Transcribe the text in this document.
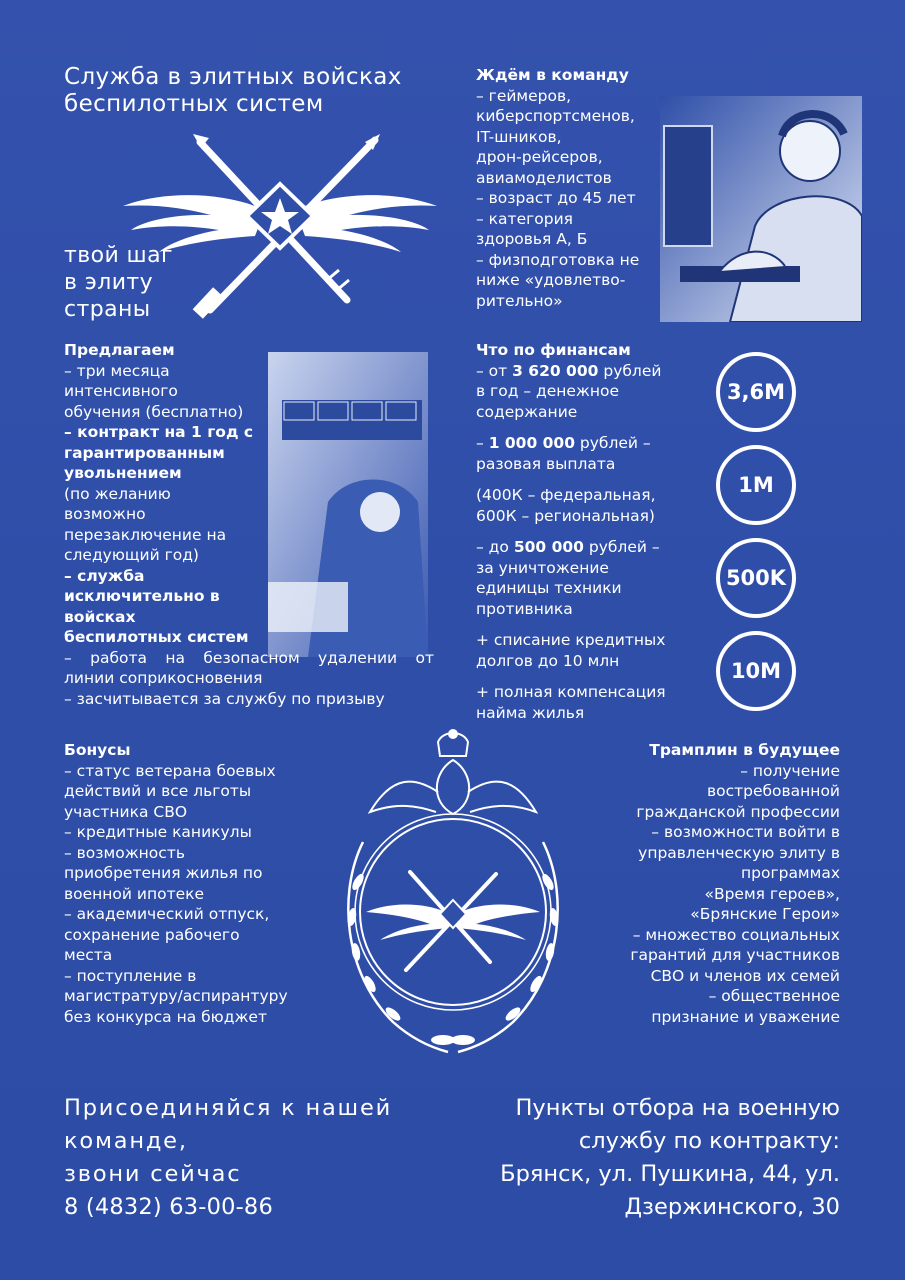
Служба в элитных войсках беспилотных систем
твой шаг
в элиту
страны
Ждём в команду
– геймеров,
киберспортсменов,
IT-шников,
дрон-рейсеров,
авиамоделистов
– возраст до 45 лет
– категория
здоровья А, Б
– физподготовка не
ниже «удовлетво-
рительно»
Предлагаем
– три месяца
интенсивного
обучения (бесплатно)
– контракт на 1 год с
гарантированным
увольнением
(по желанию
возможно
перезаключение на
следующий год)
– служба
исключительно в
войсках
беспилотных систем
– работа на безопасном удалении от
линии соприкосновения
– засчитывается за службу по призыву
Что по финансам
– от 3 620 000 рублей
в год – денежное
содержание
– 1 000 000 рублей –
разовая выплата
(400К – федеральная,
600К – региональная)
– до 500 000 рублей –
за уничтожение
единицы техники
противника
+ списание кредитных
долгов до 10 млн
+ полная компенсация
найма жилья
3,6M
1M
500K
10M
Бонусы
– статус ветерана боевых
действий и все льготы
участника СВО
– кредитные каникулы
– возможность
приобретения жилья по
военной ипотеке
– академический отпуск,
сохранение рабочего
места
– поступление в
магистратуру/аспирантуру
без конкурса на бюджет
Трамплин в будущее
– получение
востребованной
гражданской профессии
– возможности войти в
управленческую элиту в
программах
«Время героев»,
«Брянские Герои»
– множество социальных
гарантий для участников
СВО и членов их семей
– общественное
признание и уважение
Присоединяйся к нашей
команде,
звони сейчас
8 (4832) 63-00-86
Пункты отбора на военную
службу по контракту:
Брянск, ул. Пушкина, 44, ул.
Дзержинского, 30
